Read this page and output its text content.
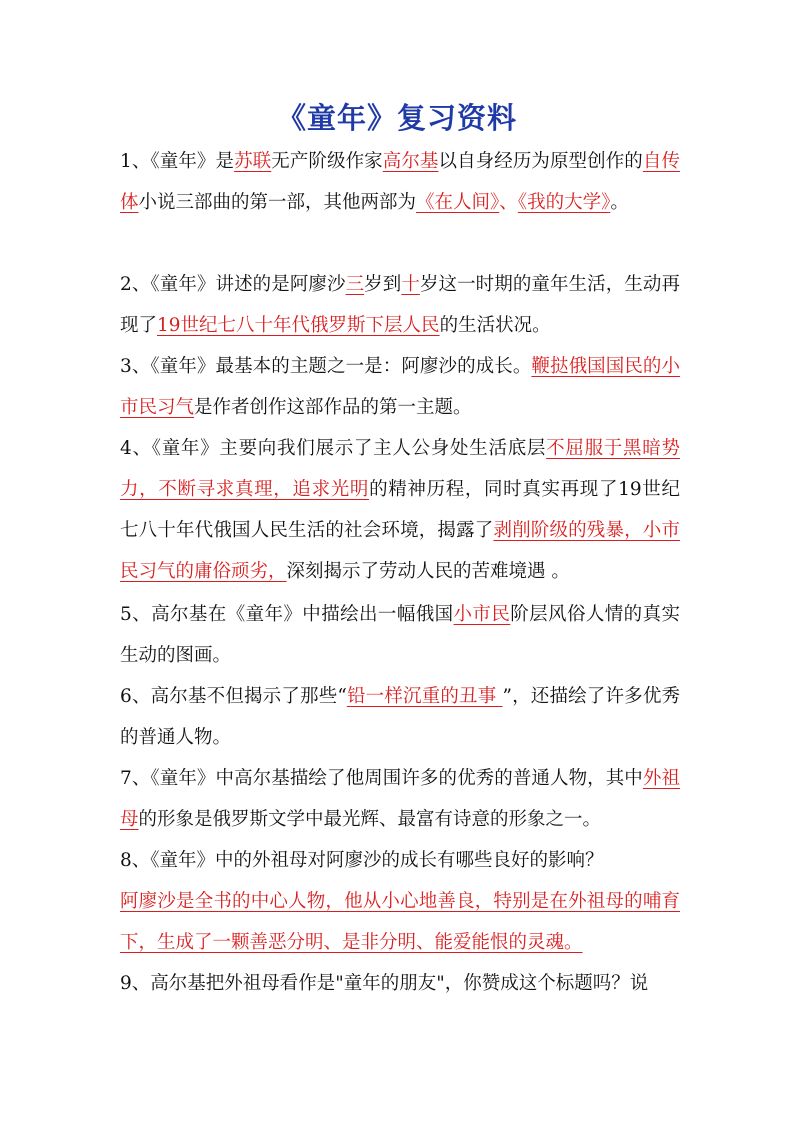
《童年》复习资料
1、《童年》是苏联无产阶级作家高尔基以自身经历为原型创作的自传体小说三部曲的第一部，其他两部为《在人间》、《我的大学》。
2、《童年》讲述的是阿廖沙三岁到十岁这一时期的童年生活，生动再现了19世纪七八十年代俄罗斯下层人民的生活状况。
3、《童年》最基本的主题之一是：阿廖沙的成长。鞭挞俄国国民的小市民习气是作者创作这部作品的第一主题。
4、《童年》主要向我们展示了主人公身处生活底层不屈服于黑暗势力，不断寻求真理，追求光明的精神历程，同时真实再现了19世纪七八十年代俄国人民生活的社会环境，揭露了剥削阶级的残暴，小市民习气的庸俗顽劣，深刻揭示了劳动人民的苦难境遇 。
5、高尔基在《童年》中描绘出一幅俄国小市民阶层风俗人情的真实生动的图画。
6、高尔基不但揭示了那些“铅一样沉重的丑事 ”，还描绘了许多优秀的普通人物。
7、《童年》中高尔基描绘了他周围许多的优秀的普通人物，其中外祖母的形象是俄罗斯文学中最光辉、最富有诗意的形象之一。
8、《童年》中的外祖母对阿廖沙的成长有哪些良好的影响？
阿廖沙是全书的中心人物，他从小心地善良，特别是在外祖母的哺育下，生成了一颗善恶分明、是非分明、能爱能恨的灵魂。
9、高尔基把外祖母看作是"童年的朋友"，你赞成这个标题吗？说
